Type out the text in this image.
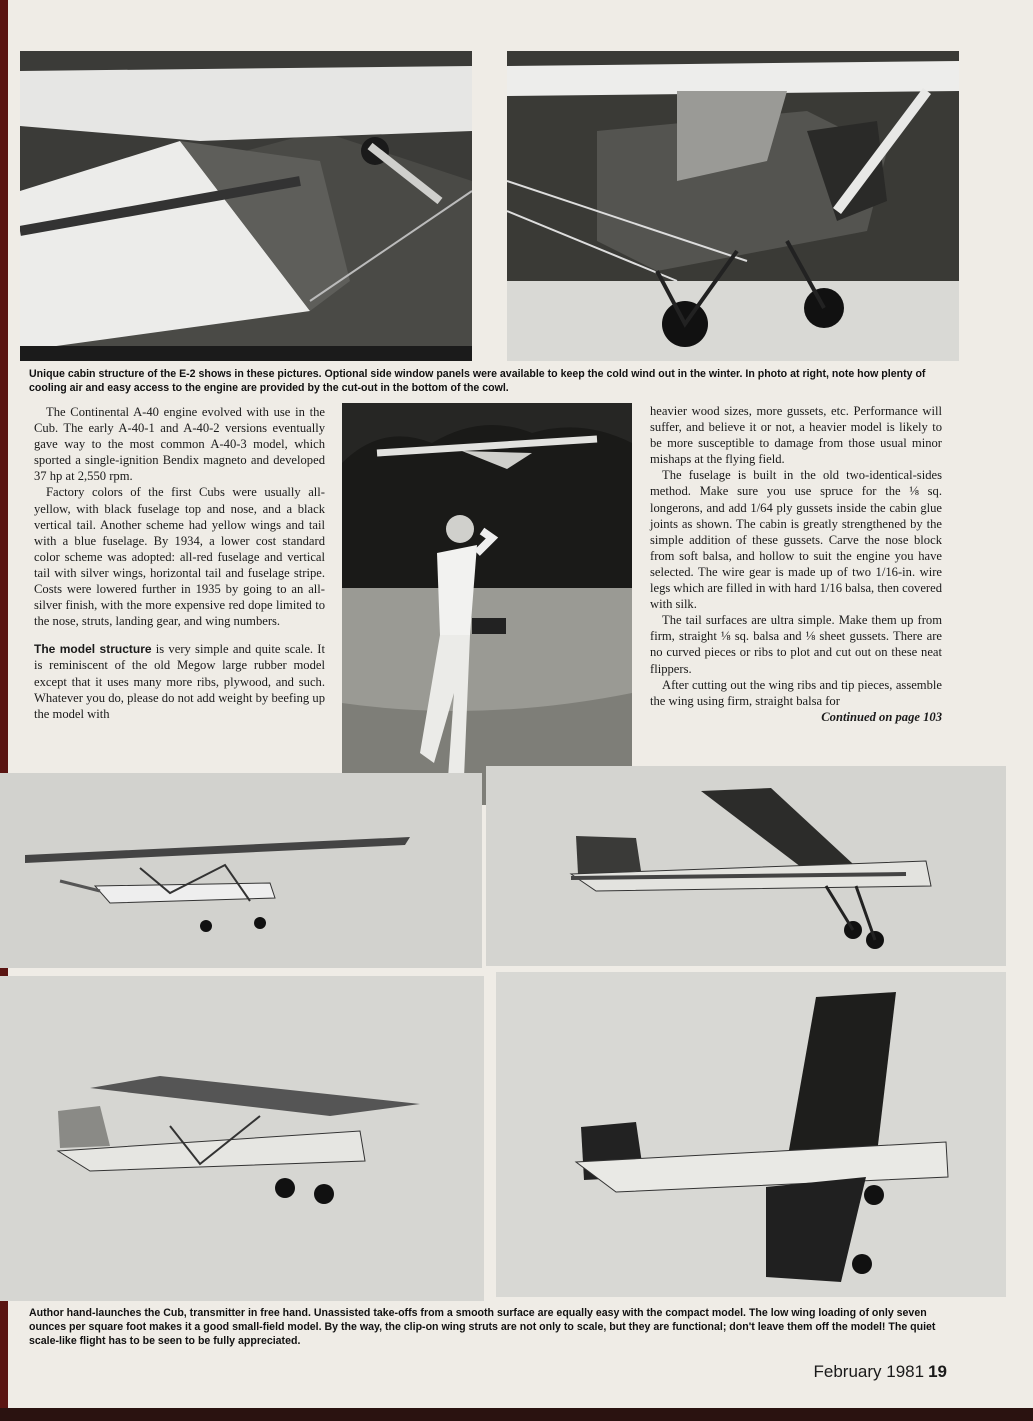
Unique cabin structure of the E-2 shows in these pictures. Optional side window panels were available to keep the cold wind out in the winter. In photo at right, note how plenty of cooling air and easy access to the engine are provided by the cut-out in the bottom of the cowl.

The Continental A-40 engine evolved with use in the Cub. The early A-40-1 and A-40-2 versions eventually gave way to the most common A-40-3 model, which sported a single-ignition Bendix magneto and developed 37 hp at 2,550 rpm.

Factory colors of the first Cubs were usually all-yellow, with black fuselage top and nose, and a black vertical tail. Another scheme had yellow wings and tail with a blue fuselage. By 1934, a lower cost standard color scheme was adopted: all-red fuselage and vertical tail with silver wings, horizontal tail and fuselage stripe. Costs were lowered further in 1935 by going to an all-silver finish, with the more expensive red dope limited to the nose, struts, landing gear, and wing numbers.

The model structure is very simple and quite scale. It is reminiscent of the old Megow large rubber model except that it uses many more ribs, plywood, and such. Whatever you do, please do not add weight by beefing up the model with

heavier wood sizes, more gussets, etc. Performance will suffer, and believe it or not, a heavier model is likely to be more susceptible to damage from those usual minor mishaps at the flying field.

The fuselage is built in the old two-identical-sides method. Make sure you use spruce for the ⅛ sq. longerons, and add 1/64 ply gussets inside the cabin glue joints as shown. The cabin is greatly strengthened by the simple addition of these gussets. Carve the nose block from soft balsa, and hollow to suit the engine you have selected. The wire gear is made up of two 1/16-in. wire legs which are filled in with hard 1/16 balsa, then covered with silk.

The tail surfaces are ultra simple. Make them up from firm, straight ⅛ sq. balsa and ⅛ sheet gussets. There are no curved pieces or ribs to plot and cut out on these neat flippers.

After cutting out the wing ribs and tip pieces, assemble the wing using firm, straight balsa for

Continued on page 103

Author hand-launches the Cub, transmitter in free hand. Unassisted take-offs from a smooth surface are equally easy with the compact model. The low wing loading of only seven ounces per square foot makes it a good small-field model. By the way, the clip-on wing struts are not only to scale, but they are functional; don't leave them off the model! The quiet scale-like flight has to be seen to be fully appreciated.

February 1981 19
